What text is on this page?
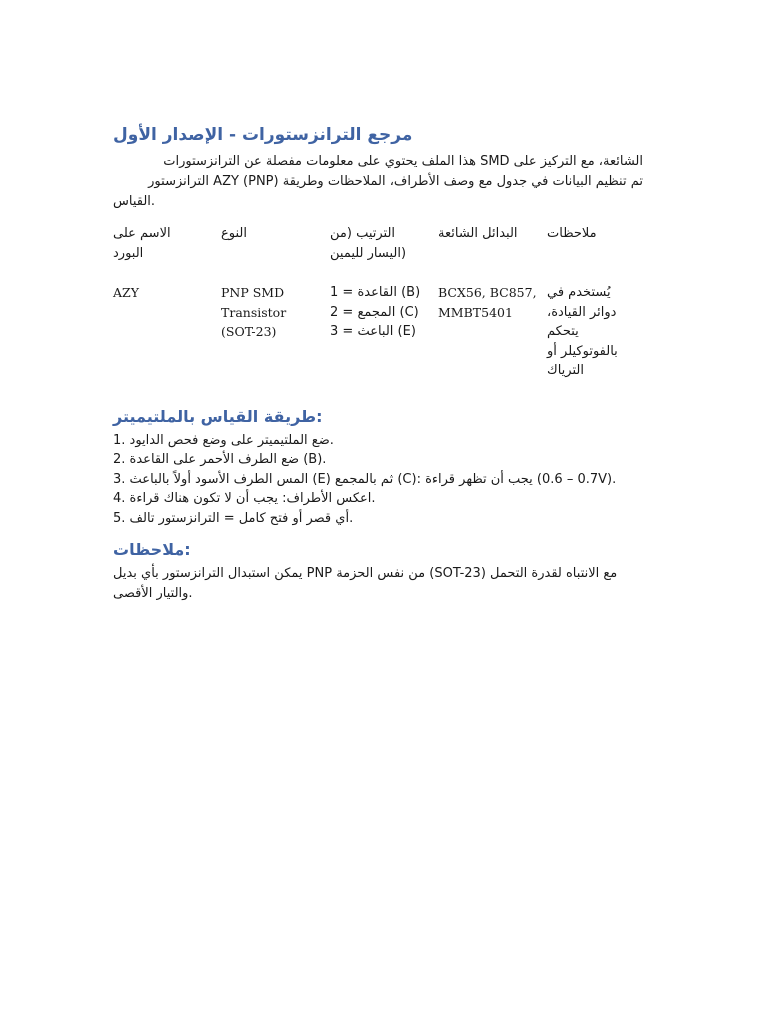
مرجع الترانزستورات - الإصدار الأول
الشائعة، مع التركيز على SMD هذا الملف يحتوي على معلومات مفصلة عن الترانزستورات
تم تنظيم البيانات في جدول مع وصف الأطراف، الملاحظات وطريقة AZY (PNP) الترانزستور
القياس.
الاسم على
البورد	النوع	الترتيب (من
اليسار لليمين)	البدائل الشائعة	ملاحظات

AZY	PNP SMD
Transistor
(SOT-23)	1 = القاعدة (B)
2 = المجمع (C)
3 = الباعث (E)	BCX56, BC857,
MMBT5401	يُستخدم في
دوائر القيادة،
يتحكم
بالفوتوكيلر أو
الترياك
طريقة القياس بالملتيميتر:
1. ضع الملتيميتر على وضع فحص الدايود.
2. ضع الطرف الأحمر على القاعدة (B).
3. المس الطرف الأسود أولاً بالباعث (E) ثم بالمجمع (C): يجب أن تظهر قراءة (0.7 – 0.6V).
4. اعكس الأطراف: يجب أن لا تكون هناك قراءة.
5. أي قصر أو فتح كامل = الترانزستور تالف.
ملاحظات:
يمكن استبدال الترانزستور بأي بديل PNP من نفس الحزمة (SOT-23) مع الانتباه لقدرة التحمل
والتيار الأقصى.
